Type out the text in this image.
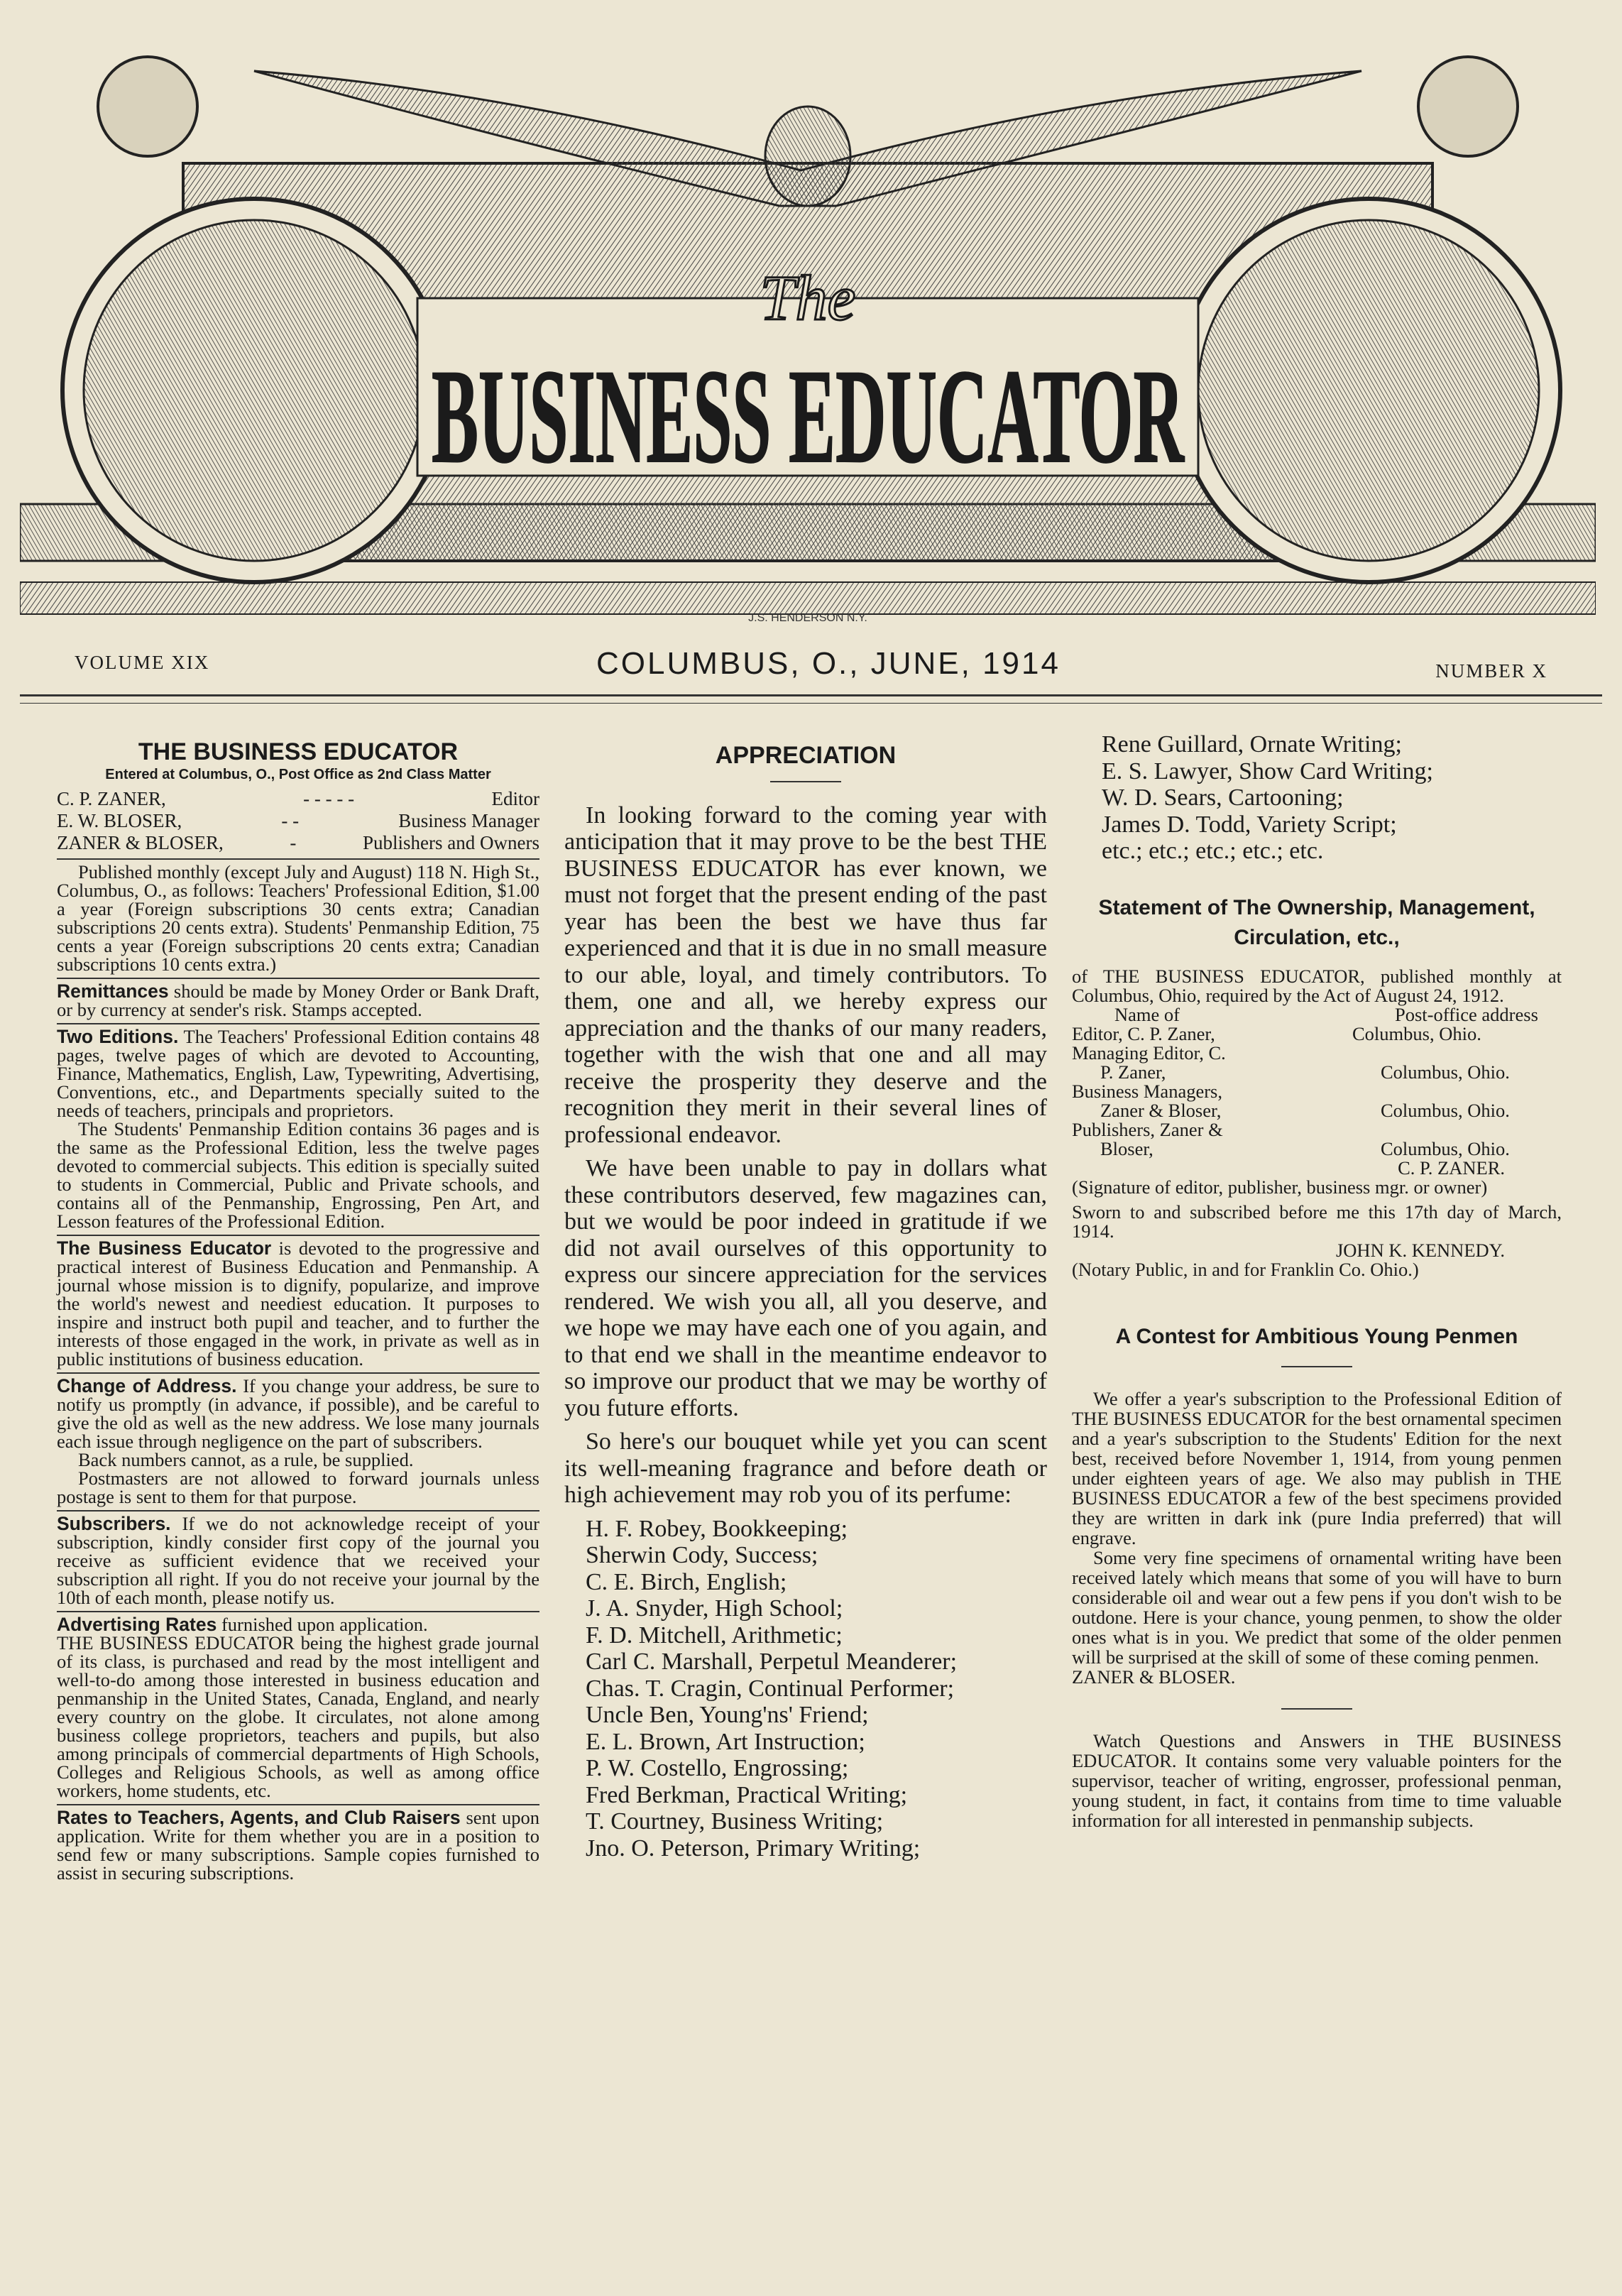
BUSINESS EDUCATOR
The
J.S. HENDERSON N.Y.
VOLUME XIX	COLUMBUS, O., JUNE, 1914	NUMBER X
THE BUSINESS EDUCATOR
Entered at Columbus, O., Post Office as 2nd Class Matter
C. P. ZANER,	- - - - -	Editor
E. W. BLOSER,	- -	Business Manager
ZANER & BLOSER,	-	Publishers and Owners
Published monthly (except July and August) 118 N. High St., Columbus, O., as follows: Teachers' Professional Edition, $1.00 a year (Foreign subscriptions 30 cents extra; Canadian subscriptions 20 cents extra). Students' Penmanship Edition, 75 cents a year (Foreign subscriptions 20 cents extra; Canadian subscriptions 10 cents extra.)
Remittances should be made by Money Order or Bank Draft, or by currency at sender's risk. Stamps accepted.
Two Editions. The Teachers' Professional Edition contains 48 pages, twelve pages of which are devoted to Accounting, Finance, Mathematics, English, Law, Typewriting, Advertising, Conventions, etc., and Departments specially suited to the needs of teachers, principals and proprietors.
The Students' Penmanship Edition contains 36 pages and is the same as the Professional Edition, less the twelve pages devoted to commercial subjects. This edition is specially suited to students in Commercial, Public and Private schools, and contains all of the Penmanship, Engrossing, Pen Art, and Lesson features of the Professional Edition.
The Business Educator is devoted to the progressive and practical interest of Business Education and Penmanship. A journal whose mission is to dignify, popularize, and improve the world's newest and neediest education. It purposes to inspire and instruct both pupil and teacher, and to further the interests of those engaged in the work, in private as well as in public institutions of business education.
Change of Address. If you change your address, be sure to notify us promptly (in advance, if possible), and be careful to give the old as well as the new address. We lose many journals each issue through negligence on the part of subscribers.
Back numbers cannot, as a rule, be supplied.
Postmasters are not allowed to forward journals unless postage is sent to them for that purpose.
Subscribers. If we do not acknowledge receipt of your subscription, kindly consider first copy of the journal you receive as sufficient evidence that we received your subscription all right. If you do not receive your journal by the 10th of each month, please notify us.
Advertising Rates furnished upon application.
THE BUSINESS EDUCATOR being the highest grade journal of its class, is purchased and read by the most intelligent and well-to-do among those interested in business education and penmanship in the United States, Canada, England, and nearly every country on the globe. It circulates, not alone among business college proprietors, teachers and pupils, but also among principals of commercial departments of High Schools, Colleges and Religious Schools, as well as among office workers, home students, etc.
Rates to Teachers, Agents, and Club Raisers sent upon application. Write for them whether you are in a position to send few or many subscriptions. Sample copies furnished to assist in securing subscriptions.
APPRECIATION

In looking forward to the coming year with anticipation that it may prove to be the best THE BUSINESS EDUCATOR has ever known, we must not forget that the present ending of the past year has been the best we have thus far experienced and that it is due in no small measure to our able, loyal, and timely contributors. To them, one and all, we hereby express our appreciation and the thanks of our many readers, together with the wish that one and all may receive the prosperity they deserve and the recognition they merit in their several lines of professional endeavor.

We have been unable to pay in dollars what these contributors deserved, few magazines can, but we would be poor indeed in gratitude if we did not avail ourselves of this opportunity to express our sincere appreciation for the services rendered. We wish you all, all you deserve, and we hope we may have each one of you again, and to that end we shall in the meantime endeavor to so improve our product that we may be worthy of you future efforts.

So here's our bouquet while yet you can scent its well-meaning fragrance and before death or high achievement may rob you of its perfume:

H. F. Robey, Bookkeeping;
Sherwin Cody, Success;
C. E. Birch, English;
J. A. Snyder, High School;
F. D. Mitchell, Arithmetic;
Carl C. Marshall, Perpetul Meanderer;
Chas. T. Cragin, Continual Performer;
Uncle Ben, Young'ns' Friend;
E. L. Brown, Art Instruction;
P. W. Costello, Engrossing;
Fred Berkman, Practical Writing;
T. Courtney, Business Writing;
Jno. O. Peterson, Primary Writing;
Rene Guillard, Ornate Writing;
E. S. Lawyer, Show Card Writing;
W. D. Sears, Cartooning;
James D. Todd, Variety Script;
etc.; etc.; etc.; etc.; etc.
Statement of The Ownership, Management, Circulation, etc.,

of THE BUSINESS EDUCATOR, published monthly at Columbus, Ohio, required by the Act of August 24, 1912.

Name of	Post-office address
Editor, C. P. Zaner,	Columbus, Ohio.
Managing Editor, C.
P. Zaner,	Columbus, Ohio.
Business Managers,
Zaner & Bloser,	Columbus, Ohio.
Publishers, Zaner &
Bloser,	Columbus, Ohio.

C. P. ZANER.

(Signature of editor, publisher, business mgr. or owner)

Sworn to and subscribed before me this 17th day of March, 1914.

JOHN K. KENNEDY.

(Notary Public, in and for Franklin Co. Ohio.)

A Contest for Ambitious Young Penmen

We offer a year's subscription to the Professional Edition of THE BUSINESS EDUCATOR for the best ornamental specimen and a year's subscription to the Students' Edition for the next best, received before November 1, 1914, from young penmen under eighteen years of age. We also may publish in THE BUSINESS EDUCATOR a few of the best specimens provided they are written in dark ink (pure India preferred) that will engrave.

Some very fine specimens of ornamental writing have been received lately which means that some of you will have to burn considerable oil and wear out a few pens if you don't wish to be outdone. Here is your chance, young penmen, to show the older ones what is in you. We predict that some of the older penmen will be surprised at the skill of some of these coming penmen.

ZANER & BLOSER.

Watch Questions and Answers in THE BUSINESS EDUCATOR. It contains some very valuable pointers for the supervisor, teacher of writing, engrosser, professional penman, young student, in fact, it contains from time to time valuable information for all interested in penmanship subjects.
